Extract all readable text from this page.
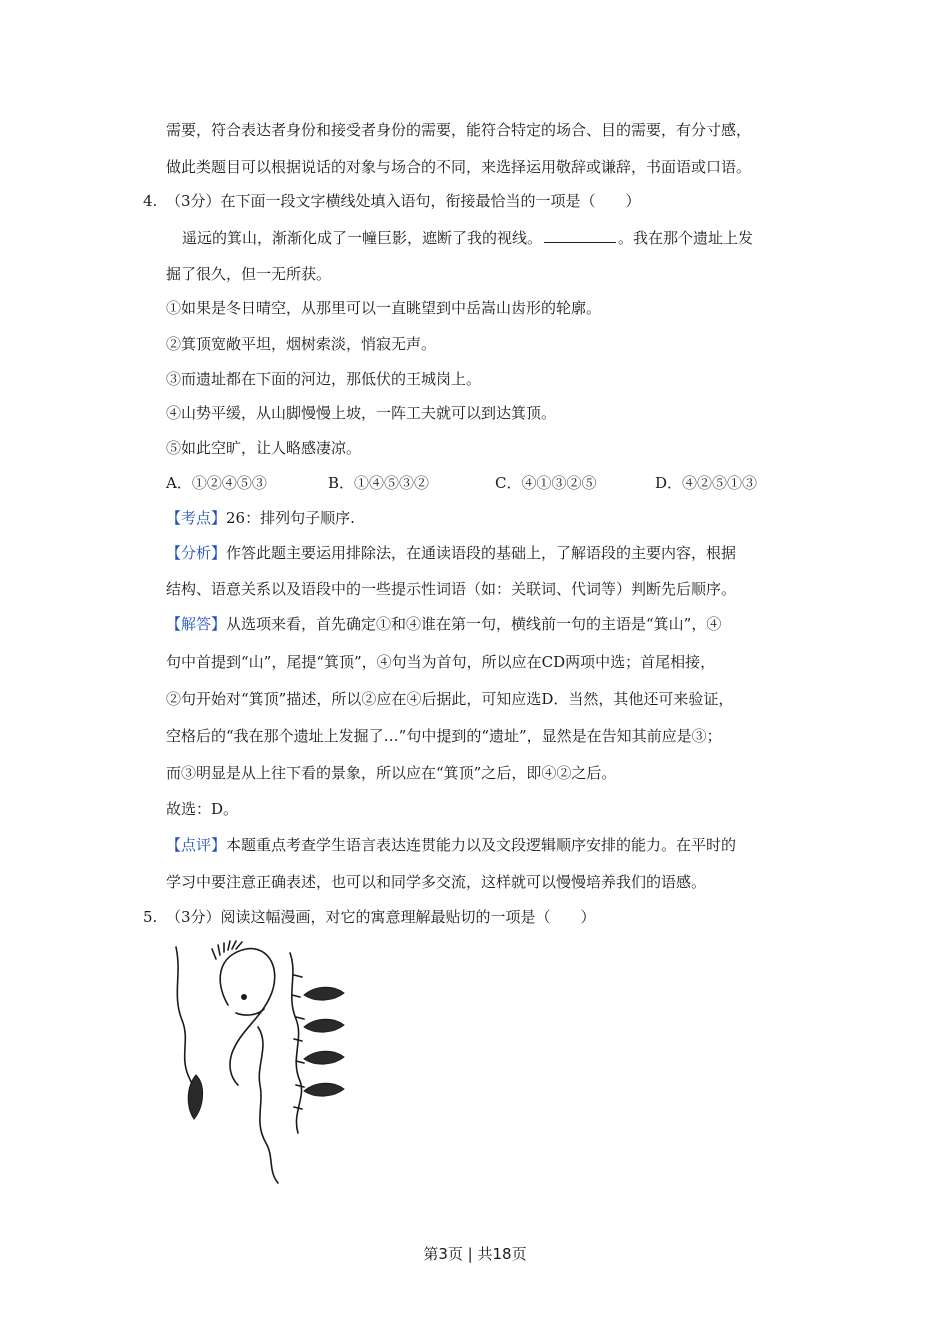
需要，符合表达者身份和接受者身份的需要，能符合特定的场合、目的需要，有分寸感，
做此类题目可以根据说话的对象与场合的不同，来选择运用敬辞或谦辞，书面语或口语。
4. （3分）在下面一段文字横线处填入语句，衔接最恰当的一项是（　　）
遥远的箕山，渐渐化成了一幢巨影，遮断了我的视线。	。我在那个遗址上发
掘了很久，但一无所获。
①如果是冬日晴空，从那里可以一直眺望到中岳嵩山齿形的轮廓。
②箕顶宽敞平坦，烟树索淡，悄寂无声。
③而遗址都在下面的河边，那低伏的王城岗上。
④山势平缓，从山脚慢慢上坡，一阵工夫就可以到达箕顶。
⑤如此空旷，让人略感凄凉。
A．①②④⑤③	B．①④⑤③②	C．④①③②⑤	D．④②⑤①③
【考点】26：排列句子顺序.
【分析】作答此题主要运用排除法，在通读语段的基础上，了解语段的主要内容，根据
结构、语意关系以及语段中的一些提示性词语（如：关联词、代词等）判断先后顺序。
【解答】从选项来看，首先确定①和④谁在第一句，横线前一句的主语是“箕山”，④
句中首提到“山”，尾提“箕顶”，④句当为首句，所以应在CD两项中选；首尾相接，
②句开始对“箕顶”描述，所以②应在④后据此，可知应选D．当然，其他还可来验证，
空格后的“我在那个遗址上发掘了…”句中提到的“遗址”，显然是在告知其前应是③；
而③明显是从上往下看的景象，所以应在“箕顶”之后，即④②之后。
故选：D。
【点评】本题重点考查学生语言表达连贯能力以及文段逻辑顺序安排的能力。在平时的
学习中要注意正确表述，也可以和同学多交流，这样就可以慢慢培养我们的语感。
5. （3分）阅读这幅漫画，对它的寓意理解最贴切的一项是（　　）
第3页 | 共18页
